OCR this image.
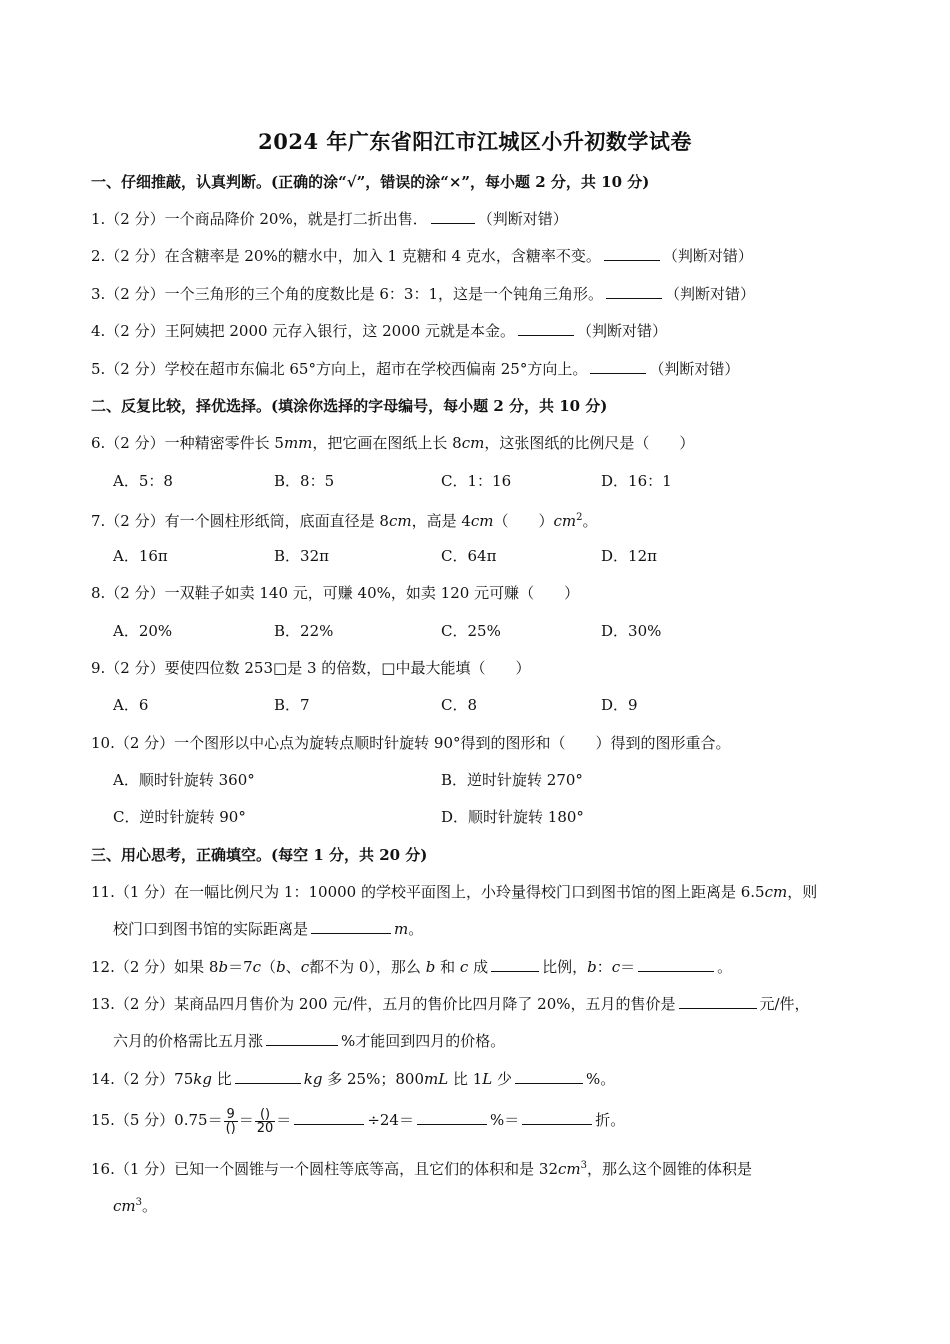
2024 年广东省阳江市江城区小升初数学试卷
一、仔细推敲，认真判断。(正确的涂“√”，错误的涂“×”，每小题 2 分，共 10 分)
1.（2 分）一个商品降价 20%，就是打二折出售．	（判断对错）
2.（2 分）在含糖率是 20%的糖水中，加入 1 克糖和 4 克水，含糖率不变。	（判断对错）
3.（2 分）一个三角形的三个角的度数比是 6：3：1，这是一个钝角三角形。	（判断对错）
4.（2 分）王阿姨把 2000 元存入银行，这 2000 元就是本金。	（判断对错）
5.（2 分）学校在超市东偏北 65°方向上，超市在学校西偏南 25°方向上。	（判断对错）
二、反复比较，择优选择。(填涂你选择的字母编号，每小题 2 分，共 10 分)
6.（2 分）一种精密零件长 5mm，把它画在图纸上长 8cm，这张图纸的比例尺是（　　）
A．5：8	B．8：5	C．1：16	D．16：1
7.（2 分）有一个圆柱形纸筒，底面直径是 8cm，高是 4cm（　　）$cm^2$。
A．16π	B．32π	C．64π	D．12π
8.（2 分）一双鞋子如卖 140 元，可赚 40%，如卖 120 元可赚（　　）
A．20%	B．22%	C．25%	D．30%
9.（2 分）要使四位数 253□是 3 的倍数，□中最大能填（　　）
A．6	B．7	C．8	D．9
10.（2 分）一个图形以中心点为旋转点顺时针旋转 90°得到的图形和（　　）得到的图形重合。
A．顺时针旋转 360°	B．逆时针旋转 270°
C．逆时针旋转 90°	D．顺时针旋转 180°
三、用心思考，正确填空。(每空 1 分，共 20 分)
11.（1 分）在一幅比例尺为 1：10000 的学校平面图上，小玲量得校门口到图书馆的图上距离是 6.5cm，则
校门口到图书馆的实际距离是	m。
12.（2 分）如果 8b＝7c（b、c都不为 0），那么 b 和 c 成	比例，b：c＝	。
13.（2 分）某商品四月售价为 200 元/件，五月的售价比四月降了 20%，五月的售价是	元/件，
六月的价格需比五月涨	%才能回到四月的价格。
14.（2 分）75kg 比	kg 多 25%；800mL 比 1L 少	%。
15.（5 分）$0.75= \frac{9}{()} = \frac{()}{20}$ ＝	÷24＝	%＝	折。
16.（1 分）已知一个圆锥与一个圆柱等底等高，且它们的体积和是 $32cm^3$，那么这个圆锥的体积是
$cm^3$。
